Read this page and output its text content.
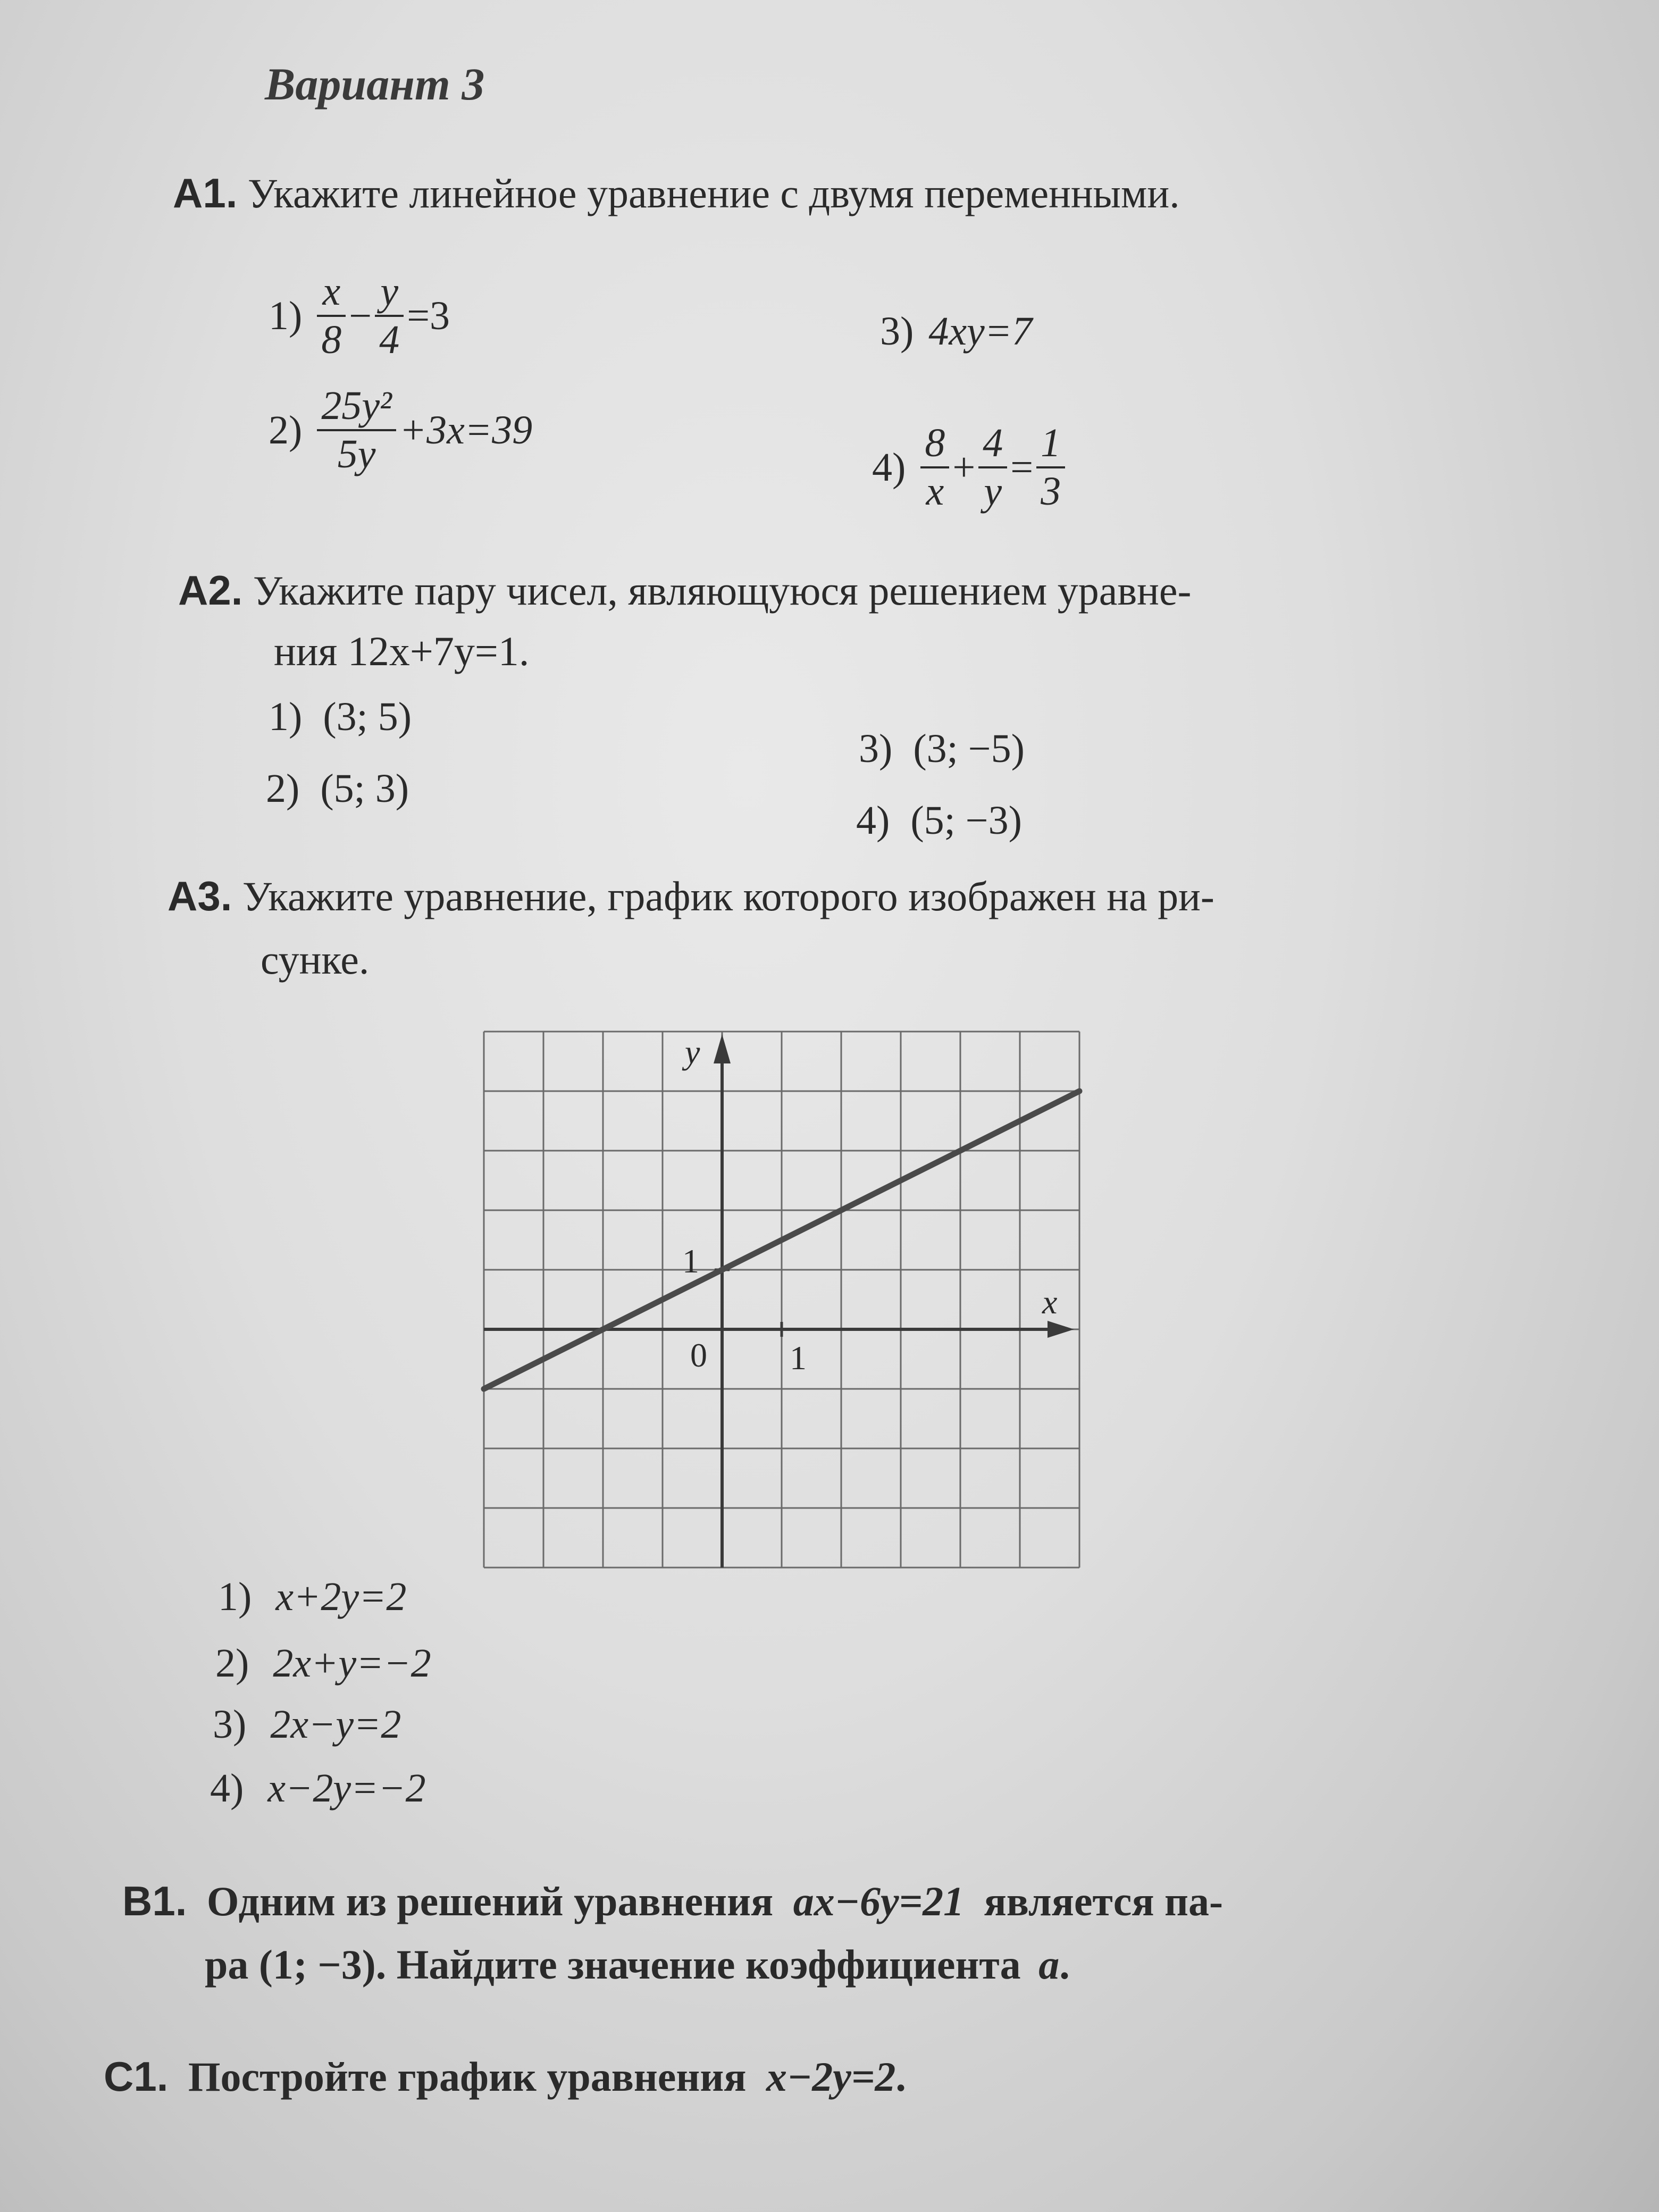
Вариант 3
А1. Укажите линейное уравнение с двумя переменными.
$1) \frac{x}{8} - \frac{y}{4} =3$	3) 4xy=7
$2) \frac{\text{25y²}}{5y} +3x=39$
$4) \frac{8}{x} + \frac{4}{y} = \frac{1}{3}$
А2. Укажите пару чисел, являющуюся решением уравне-
ния 12x+7y=1.
1) (3; 5)
3) (3; −5)
2) (5; 3)
4) (5; −3)
А3. Укажите уравнение, график которого изображен на ри-
сунке.
x
y
0 1
1
1) x+2y=2
2) 2x+y=−2
3) 2x−y=2
4) x−2y=−2
В1. Одним из решений уравнения ax−6y=21 является па-
ра (1; −3). Найдите значение коэффициента a.
С1. Постройте график уравнения x−2y=2.
